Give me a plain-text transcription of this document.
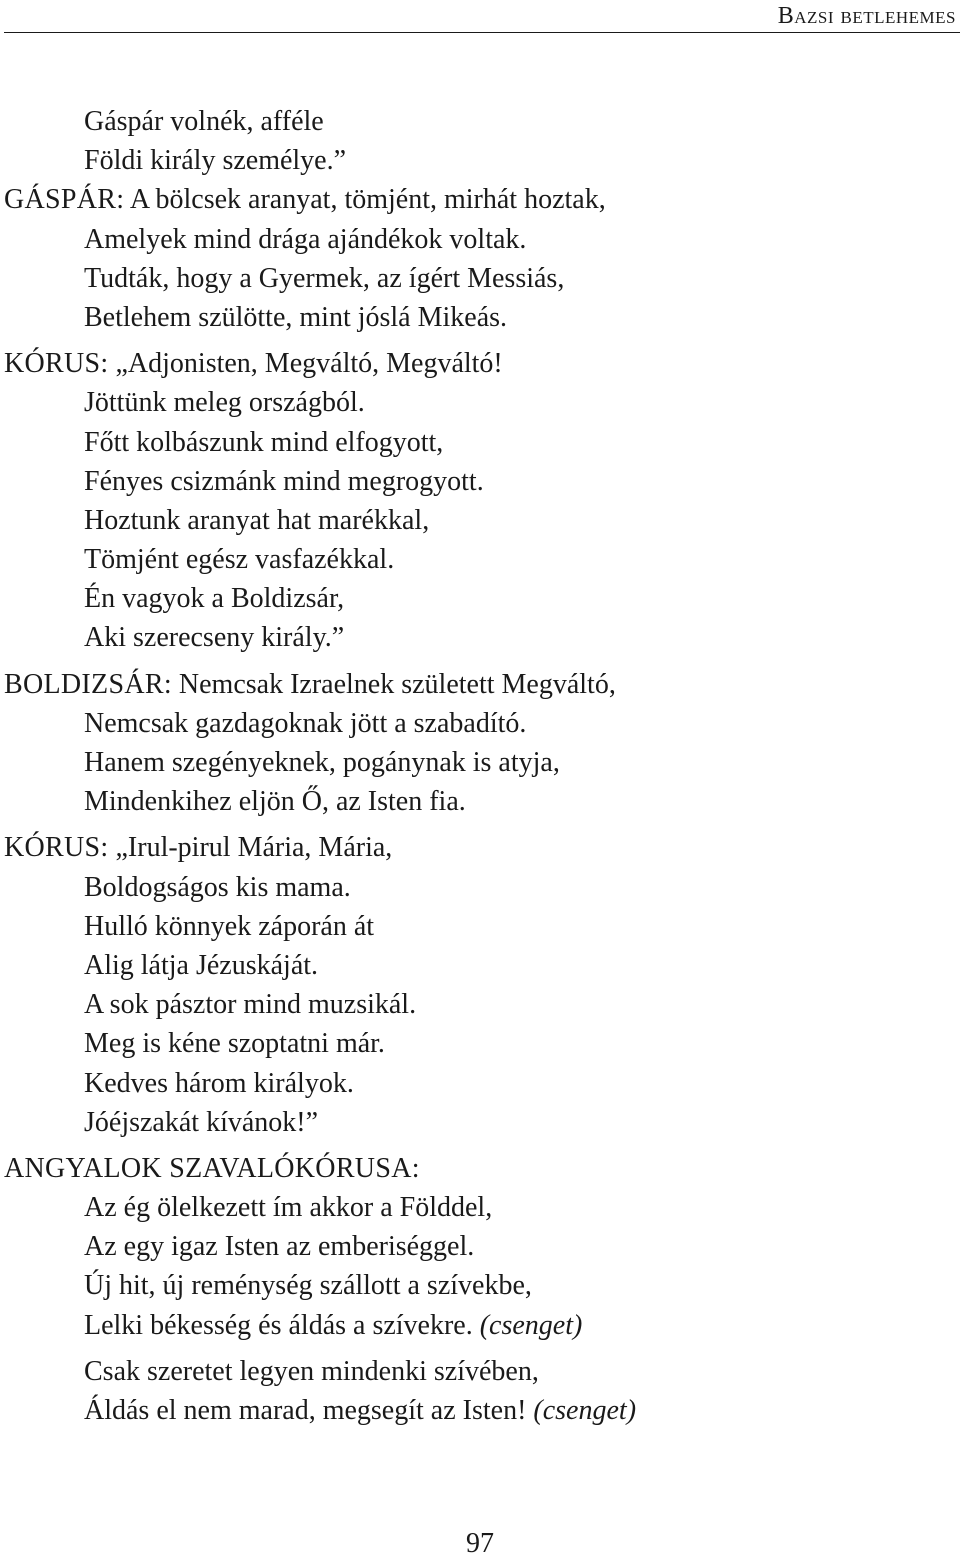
Bazsi betlehemes
Gáspár volnék, afféle
Földi király személye.”
GÁSPÁR: A bölcsek aranyat, tömjént, mirhát hoztak,
Amelyek mind drága ajándékok voltak.
Tudták, hogy a Gyermek, az ígért Messiás,
Betlehem szülötte, mint jóslá Mikeás.
KÓRUS: „Adjonisten, Megváltó, Megváltó!
Jöttünk meleg országból.
Főtt kolbászunk mind elfogyott,
Fényes csizmánk mind megrogyott.
Hoztunk aranyat hat marékkal,
Tömjént egész vasfazékkal.
Én vagyok a Boldizsár,
Aki szerecseny király.”
BOLDIZSÁR: Nemcsak Izraelnek született Megváltó,
Nemcsak gazdagoknak jött a szabadító.
Hanem szegényeknek, pogánynak is atyja,
Mindenkihez eljön Ő, az Isten fia.
KÓRUS: „Irul-pirul Mária, Mária,
Boldogságos kis mama.
Hulló könnyek záporán át
Alig látja Jézuskáját.
A sok pásztor mind muzsikál.
Meg is kéne szoptatni már.
Kedves három királyok.
Jóéjszakát kívánok!”
ANGYALOK SZAVALÓKÓRUSA:
Az ég ölelkezett ím akkor a Földdel,
Az egy igaz Isten az emberiséggel.
Új hit, új reménység szállott a szívekbe,
Lelki békesség és áldás a szívekre. (csenget)
Csak szeretet legyen mindenki szívében,
Áldás el nem marad, megsegít az Isten! (csenget)
97
